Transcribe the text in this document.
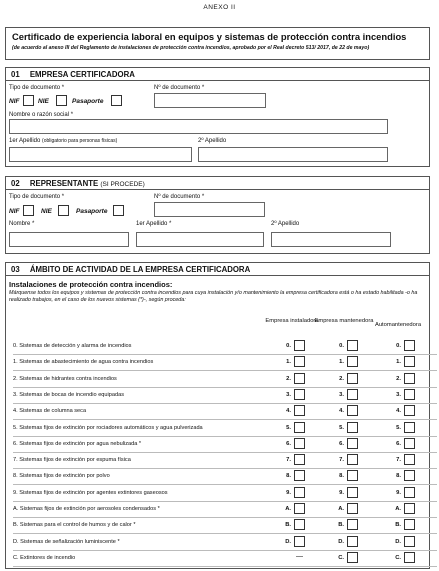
ANEXO II
Certificado de experiencia laboral en equipos y sistemas de protección contra incendios
(de acuerdo al anexo III del Reglamento de instalaciones de protección contra incendios, aprobado por el Real decreto 513/ 2017, de 22 de mayo)
01 EMPRESA CERTIFICADORA
Tipo de documento *	Nº de documento *
NIF	NIE	Pasaporte
Nombre o razón social *
1er Apellido (obligatorio para personas físicas)	2º Apellido
02 REPRESENTANTE (SI PROCEDE)
Tipo de documento *	Nº de documento *
NIF	NIE	Pasaporte
Nombre *	1er Apellido *	2º Apellido
03 ÁMBITO DE ACTIVIDAD DE LA EMPRESA CERTIFICADORA
Instalaciones de protección contra incendios:
Márquense todos los equipos y sistemas de protección contra incendios para cuya instalación y/o mantenimiento la empresa certificadora está o ha estado habilitada -o ha realizado trabajos, en el caso de los nuevos sistemas (*)-, según proceda:
Empresa instaladora
Empresa mantenedora
Automantenedora
0. Sistemas de detección y alarma de incendios	0.	0.	0.
1. Sistemas de abastecimiento de agua contra incendios	1.	1.	1.
2. Sistemas de hidrantes contra incendios	2.	2.	2.
3. Sistemas de bocas de incendio equipadas	3.	3.	3.
4. Sistemas de columna seca	4.	4.	4.
5. Sistemas fijos de extinción por rociadores automáticos y agua pulverizada	5.	5.	5.
6. Sistemas fijos de extinción por agua nebulizada *	6.	6.	6.
7. Sistemas fijos de extinción por espuma física	7.	7.	7.
8. Sistemas fijos de extinción por polvo	8.	8.	8.
9. Sistemas fijos de extinción por agentes extintores gaseosos	9.	9.	9.
A. Sistemas fijos de extinción por aerosoles condensados *	A.	A.	A.
B. Sistemas para el control de humos y de calor *	B.	B.	B.
D. Sistemas de señalización luminiscente *	D.	D.	D.
C. Extintores de incendio	—	C.	C.
